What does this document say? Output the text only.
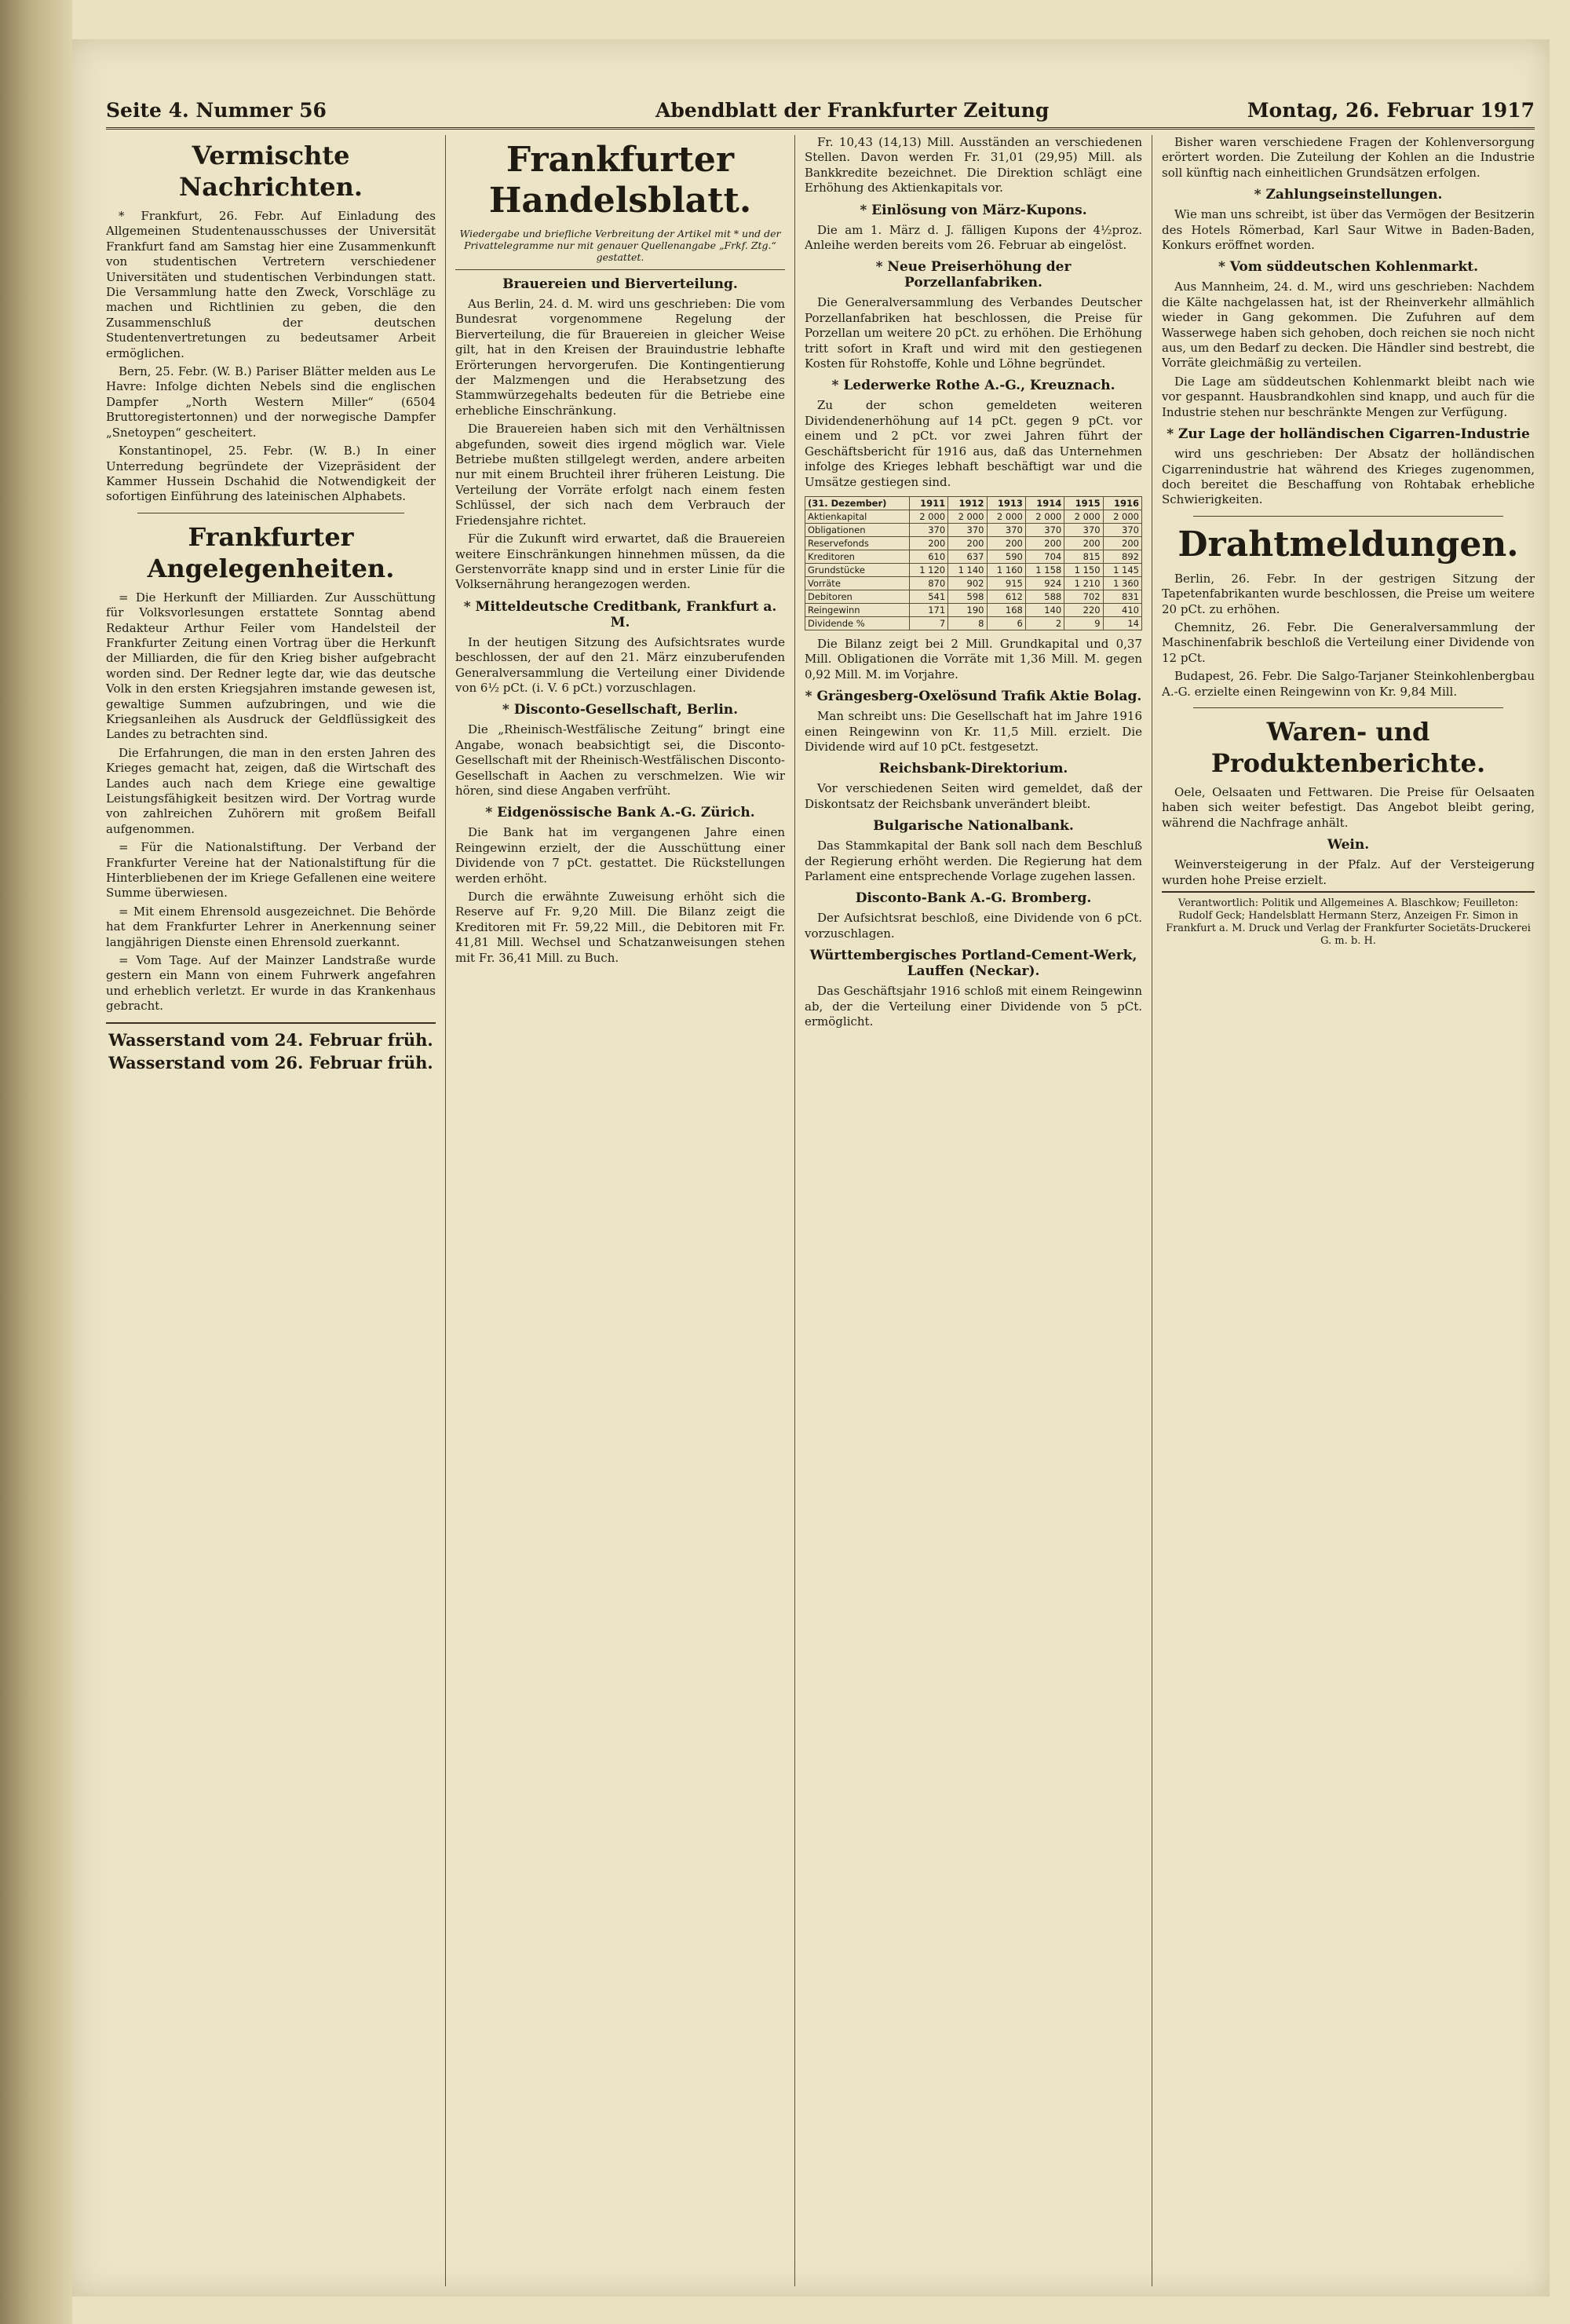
Seite 4. Nummer 56	Abendblatt der Frankfurter Zeitung	Montag, 26. Februar 1917
Vermischte Nachrichten.

* Frankfurt, 26. Febr. Auf Einladung des Allgemeinen Studentenausschusses der Universität Frankfurt fand am Samstag hier eine Zusammenkunft von studentischen Vertretern verschiedener Universitäten und studentischen Verbindungen statt. Die Versammlung hatte den Zweck, Vorschläge zu machen und Richtlinien zu geben, die den Zusammenschluß der deutschen Studentenvertretungen zu bedeutsamer Arbeit ermöglichen.

Bern, 25. Febr. (W. B.) Pariser Blätter melden aus Le Havre: Infolge dichten Nebels sind die englischen Dampfer „North Western Miller“ (6504 Bruttoregistertonnen) und der norwegische Dampfer „Snetoypen“ gescheitert.

Konstantinopel, 25. Febr. (W. B.) In einer Unterredung begründete der Vizepräsident der Kammer Hussein Dschahid die Notwendigkeit der sofortigen Einführung des lateinischen Alphabets.

Frankfurter Angelegenheiten.

= Die Herkunft der Milliarden. Zur Ausschüttung für Volksvorlesungen erstattete Sonntag abend Redakteur Arthur Feiler vom Handelsteil der Frankfurter Zeitung einen Vortrag über die Herkunft der Milliarden, die für den Krieg bisher aufgebracht worden sind. Der Redner legte dar, wie das deutsche Volk in den ersten Kriegsjahren imstande gewesen ist, gewaltige Summen aufzubringen, und wie die Kriegsanleihen als Ausdruck der Geldflüssigkeit des Landes zu betrachten sind.

Die Erfahrungen, die man in den ersten Jahren des Krieges gemacht hat, zeigen, daß die Wirtschaft des Landes auch nach dem Kriege eine gewaltige Leistungsfähigkeit besitzen wird. Der Vortrag wurde von zahlreichen Zuhörern mit großem Beifall aufgenommen.

= Für die Nationalstiftung. Der Verband der Frankfurter Vereine hat der Nationalstiftung für die Hinterbliebenen der im Kriege Gefallenen eine weitere Summe überwiesen.

= Mit einem Ehrensold ausgezeichnet. Die Behörde hat dem Frankfurter Lehrer in Anerkennung seiner langjährigen Dienste einen Ehrensold zuerkannt.

= Vom Tage. Auf der Mainzer Landstraße wurde gestern ein Mann von einem Fuhrwerk angefahren und erheblich verletzt. Er wurde in das Krankenhaus gebracht.

Wasserstand vom 24. Februar früh.
Wasserstand vom 26. Februar früh.
Frankfurter Handelsblatt.
Wiedergabe und briefliche Verbreitung der Artikel mit * und der Privattelegramme nur mit genauer Quellenangabe „Frkf. Ztg.“ gestattet.
Brauereien und Bierverteilung.

Aus Berlin, 24. d. M. wird uns geschrieben: Die vom Bundesrat vorgenommene Regelung der Bierverteilung, die für Brauereien in gleicher Weise gilt, hat in den Kreisen der Brauindustrie lebhafte Erörterungen hervorgerufen. Die Kontingentierung der Malzmengen und die Herabsetzung des Stammwürzegehalts bedeuten für die Betriebe eine erhebliche Einschränkung.

Die Brauereien haben sich mit den Verhältnissen abgefunden, soweit dies irgend möglich war. Viele Betriebe mußten stillgelegt werden, andere arbeiten nur mit einem Bruchteil ihrer früheren Leistung. Die Verteilung der Vorräte erfolgt nach einem festen Schlüssel, der sich nach dem Verbrauch der Friedensjahre richtet.

Für die Zukunft wird erwartet, daß die Brauereien weitere Einschränkungen hinnehmen müssen, da die Gerstenvorräte knapp sind und in erster Linie für die Volksernährung herangezogen werden.

* Mitteldeutsche Creditbank, Frankfurt a. M.

In der heutigen Sitzung des Aufsichtsrates wurde beschlossen, der auf den 21. März einzuberufenden Generalversammlung die Verteilung einer Dividende von 6½ pCt. (i. V. 6 pCt.) vorzuschlagen.

* Disconto-Gesellschaft, Berlin.

Die „Rheinisch-Westfälische Zeitung“ bringt eine Angabe, wonach beabsichtigt sei, die Disconto-Gesellschaft mit der Rheinisch-Westfälischen Disconto-Gesellschaft in Aachen zu verschmelzen. Wie wir hören, sind diese Angaben verfrüht.

* Eidgenössische Bank A.-G. Zürich.

Die Bank hat im vergangenen Jahre einen Reingewinn erzielt, der die Ausschüttung einer Dividende von 7 pCt. gestattet. Die Rückstellungen werden erhöht.

Durch die erwähnte Zuweisung erhöht sich die Reserve auf Fr. 9,20 Mill. Die Bilanz zeigt die Kreditoren mit Fr. 59,22 Mill., die Debitoren mit Fr. 41,81 Mill. Wechsel und Schatzanweisungen stehen mit Fr. 36,41 Mill. zu Buch.

Fr. 10,43 (14,13) Mill. Ausständen an verschiedenen Stellen. Davon werden Fr. 31,01 (29,95) Mill. als Bankkredite bezeichnet. Die Direktion schlägt eine Erhöhung des Aktienkapitals vor.

* Einlösung von März-Kupons.

Die am 1. März d. J. fälligen Kupons der 4½proz. Anleihe werden bereits vom 26. Februar ab eingelöst.

* Neue Preiserhöhung der Porzellanfabriken.

Die Generalversammlung des Verbandes Deutscher Porzellanfabriken hat beschlossen, die Preise für Porzellan um weitere 20 pCt. zu erhöhen. Die Erhöhung tritt sofort in Kraft und wird mit den gestiegenen Kosten für Rohstoffe, Kohle und Löhne begründet.

* Lederwerke Rothe A.-G., Kreuznach.

Zu der schon gemeldeten weiteren Dividendenerhöhung auf 14 pCt. gegen 9 pCt. vor einem und 2 pCt. vor zwei Jahren führt der Geschäftsbericht für 1916 aus, daß das Unternehmen infolge des Krieges lebhaft beschäftigt war und die Umsätze gestiegen sind.

(31. Dezember)	1911	1912	1913	1914	1915	1916
Aktienkapital	2 000	2 000	2 000	2 000	2 000	2 000
Obligationen	370	370	370	370	370	370
Reservefonds	200	200	200	200	200	200
Kreditoren	610	637	590	704	815	892
Grundstücke	1 120	1 140	1 160	1 158	1 150	1 145
Vorräte	870	902	915	924	1 210	1 360
Debitoren	541	598	612	588	702	831
Reingewinn	171	190	168	140	220	410
Dividende %	7	8	6	2	9	14

Die Bilanz zeigt bei 2 Mill. Grundkapital und 0,37 Mill. Obligationen die Vorräte mit 1,36 Mill. M. gegen 0,92 Mill. M. im Vorjahre.

* Grängesberg-Oxelösund Trafik Aktie Bolag.

Man schreibt uns: Die Gesellschaft hat im Jahre 1916 einen Reingewinn von Kr. 11,5 Mill. erzielt. Die Dividende wird auf 10 pCt. festgesetzt.

Reichsbank-Direktorium.

Vor verschiedenen Seiten wird gemeldet, daß der Diskontsatz der Reichsbank unverändert bleibt.

Bulgarische Nationalbank.

Das Stammkapital der Bank soll nach dem Beschluß der Regierung erhöht werden. Die Regierung hat dem Parlament eine entsprechende Vorlage zugehen lassen.

Disconto-Bank A.-G. Bromberg.

Der Aufsichtsrat beschloß, eine Dividende von 6 pCt. vorzuschlagen.

Württembergisches Portland-Cement-Werk, Lauffen (Neckar).

Das Geschäftsjahr 1916 schloß mit einem Reingewinn ab, der die Verteilung einer Dividende von 5 pCt. ermöglicht.

Bisher waren verschiedene Fragen der Kohlenversorgung erörtert worden. Die Zuteilung der Kohlen an die Industrie soll künftig nach einheitlichen Grundsätzen erfolgen.

* Zahlungseinstellungen.

Wie man uns schreibt, ist über das Vermögen der Besitzerin des Hotels Römerbad, Karl Saur Witwe in Baden-Baden, Konkurs eröffnet worden.

* Vom süddeutschen Kohlenmarkt.

Aus Mannheim, 24. d. M., wird uns geschrieben: Nachdem die Kälte nachgelassen hat, ist der Rheinverkehr allmählich wieder in Gang gekommen. Die Zufuhren auf dem Wasserwege haben sich gehoben, doch reichen sie noch nicht aus, um den Bedarf zu decken. Die Händler sind bestrebt, die Vorräte gleichmäßig zu verteilen.

Die Lage am süddeutschen Kohlenmarkt bleibt nach wie vor gespannt. Hausbrandkohlen sind knapp, und auch für die Industrie stehen nur beschränkte Mengen zur Verfügung.

* Zur Lage der holländischen Cigarren-Industrie

wird uns geschrieben: Der Absatz der holländischen Cigarrenindustrie hat während des Krieges zugenommen, doch bereitet die Beschaffung von Rohtabak erhebliche Schwierigkeiten.

Drahtmeldungen.

Berlin, 26. Febr. In der gestrigen Sitzung der Tapetenfabrikanten wurde beschlossen, die Preise um weitere 20 pCt. zu erhöhen.

Chemnitz, 26. Febr. Die Generalversammlung der Maschinenfabrik beschloß die Verteilung einer Dividende von 12 pCt.

Budapest, 26. Febr. Die Salgo-Tarjaner Steinkohlenbergbau A.-G. erzielte einen Reingewinn von Kr. 9,84 Mill.

Waren- und Produktenberichte.

Oele, Oelsaaten und Fettwaren. Die Preise für Oelsaaten haben sich weiter befestigt. Das Angebot bleibt gering, während die Nachfrage anhält.

Wein.

Weinversteigerung in der Pfalz. Auf der Versteigerung wurden hohe Preise erzielt.

Verantwortlich: Politik und Allgemeines A. Blaschkow; Feuilleton: Rudolf Geck; Handelsblatt Hermann Sterz, Anzeigen Fr. Simon in Frankfurt a. M. Druck und Verlag der Frankfurter Societäts-Druckerei G. m. b. H.
